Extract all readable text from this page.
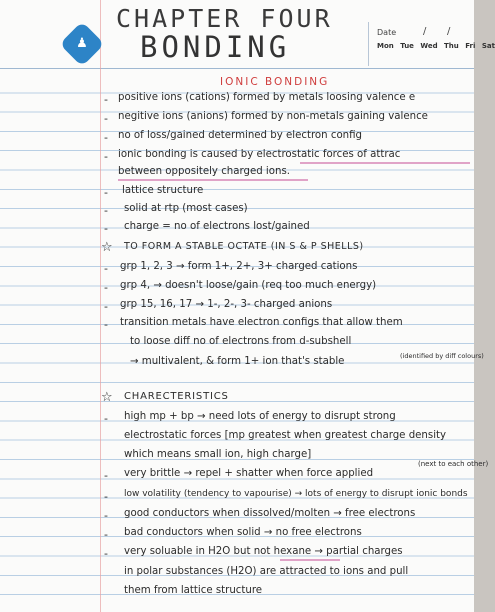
♟
CHAPTER FOUR
BONDING	Date	/ /
Mon Tue Wed Thu Fri Sat
IONIC BONDING
- positive ions (cations) formed by metals loosing valence e
- negitive ions (anions) formed by non-metals gaining valence
- no of loss/gained determined by electron config
- ionic bonding is caused by electrostatic forces of attrac
between oppositely charged ions.
- lattice structure
- solid at rtp (most cases)
- charge = no of electrons lost/gained
☆ TO FORM A STABLE OCTATE (IN S & P SHELLS)
- grp 1, 2, 3 → form 1+, 2+, 3+ charged cations
- grp 4, → doesn't loose/gain (req too much energy)
- grp 15, 16, 17 → 1-, 2-, 3- charged anions
- transition metals have electron configs that allow them
to loose diff no of electrons from d-subshell
→ multivalent, & form 1+ ion that's stable	(identified by diff colours)
☆ CHARECTERISTICS
- high mp + bp → need lots of energy to disrupt strong
electrostatic forces [mp greatest when greatest charge density
which means small ion, high charge]
- very brittle → repel + shatter when force applied
(next to each other)
- low volatility (tendency to vapourise) → lots of energy to disrupt ionic bonds
- good conductors when dissolved/molten → free electrons
- bad conductors when solid → no free electrons
- very soluable in H2O but not hexane → partial charges
in polar substances (H2O) are attracted to ions and pull
them from lattice structure
